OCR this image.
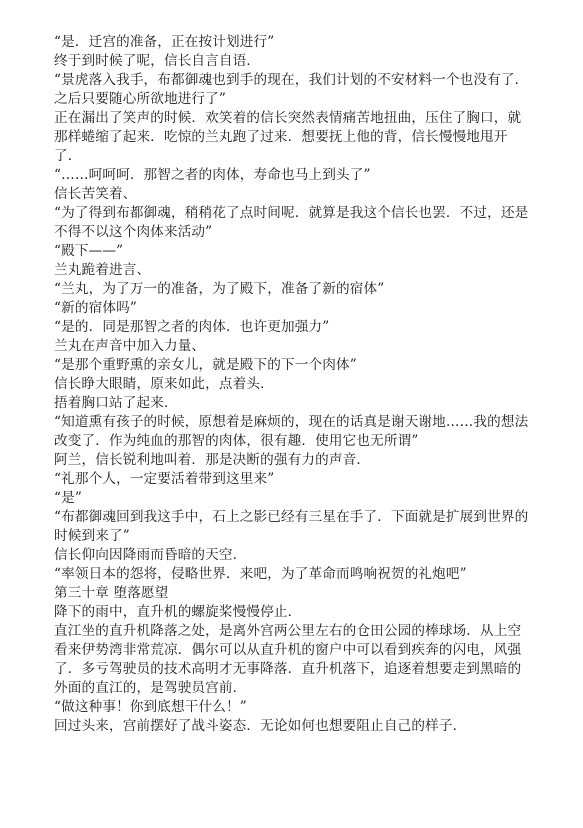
“是．迁宫的准备，正在按计划进行”

终于到时候了呢，信长自言自语．

“景虎落入我手，布都御魂也到手的现在，我们计划的不安材料一个也没有了．之后只要随心所欲地进行了”

正在漏出了笑声的时候．欢笑着的信长突然表情痛苦地扭曲，压住了胸口，就那样蜷缩了起来．吃惊的兰丸跑了过来．想要抚上他的背，信长慢慢地甩开了．

“……呵呵呵．那智之者的肉体，寿命也马上到头了”

信长苦笑着、

“为了得到布都御魂，稍稍花了点时间呢．就算是我这个信长也罢．不过，还是不得不以这个肉体来活动”

“殿下——”

兰丸跪着进言、

“兰丸，为了万一的准备，为了殿下，准备了新的宿体”

“新的宿体吗”

“是的．同是那智之者的肉体．也许更加强力”

兰丸在声音中加入力量、

“是那个重野熏的亲女儿，就是殿下的下一个肉体”

信长睁大眼睛，原来如此，点着头．

捂着胸口站了起来．

“知道熏有孩子的时候，原想着是麻烦的，现在的话真是谢天谢地……我的想法改变了．作为纯血的那智的肉体，很有趣．使用它也无所谓”

阿兰，信长锐利地叫着．那是决断的强有力的声音．

“礼那个人，一定要活着带到这里来”

“是”

“布都御魂回到我这手中，石上之影已经有三星在手了．下面就是扩展到世界的时候到来了”

信长仰向因降雨而昏暗的天空．

“率领日本的怨将，侵略世界．来吧，为了革命而鸣响祝贺的礼炮吧”

第三十章 堕落愿望

降下的雨中，直升机的螺旋桨慢慢停止．

直江坐的直升机降落之处，是离外宫两公里左右的仓田公园的棒球场．从上空看来伊势湾非常荒凉．偶尔可以从直升机的窗户中可以看到疾奔的闪电，风强了．多亏驾驶员的技术高明才无事降落．直升机落下，追逐着想要走到黑暗的外面的直江的，是驾驶员宫前．

“做这种事！你到底想干什么！”

回过头来，宫前摆好了战斗姿态．无论如何也想要阻止自己的样子．
